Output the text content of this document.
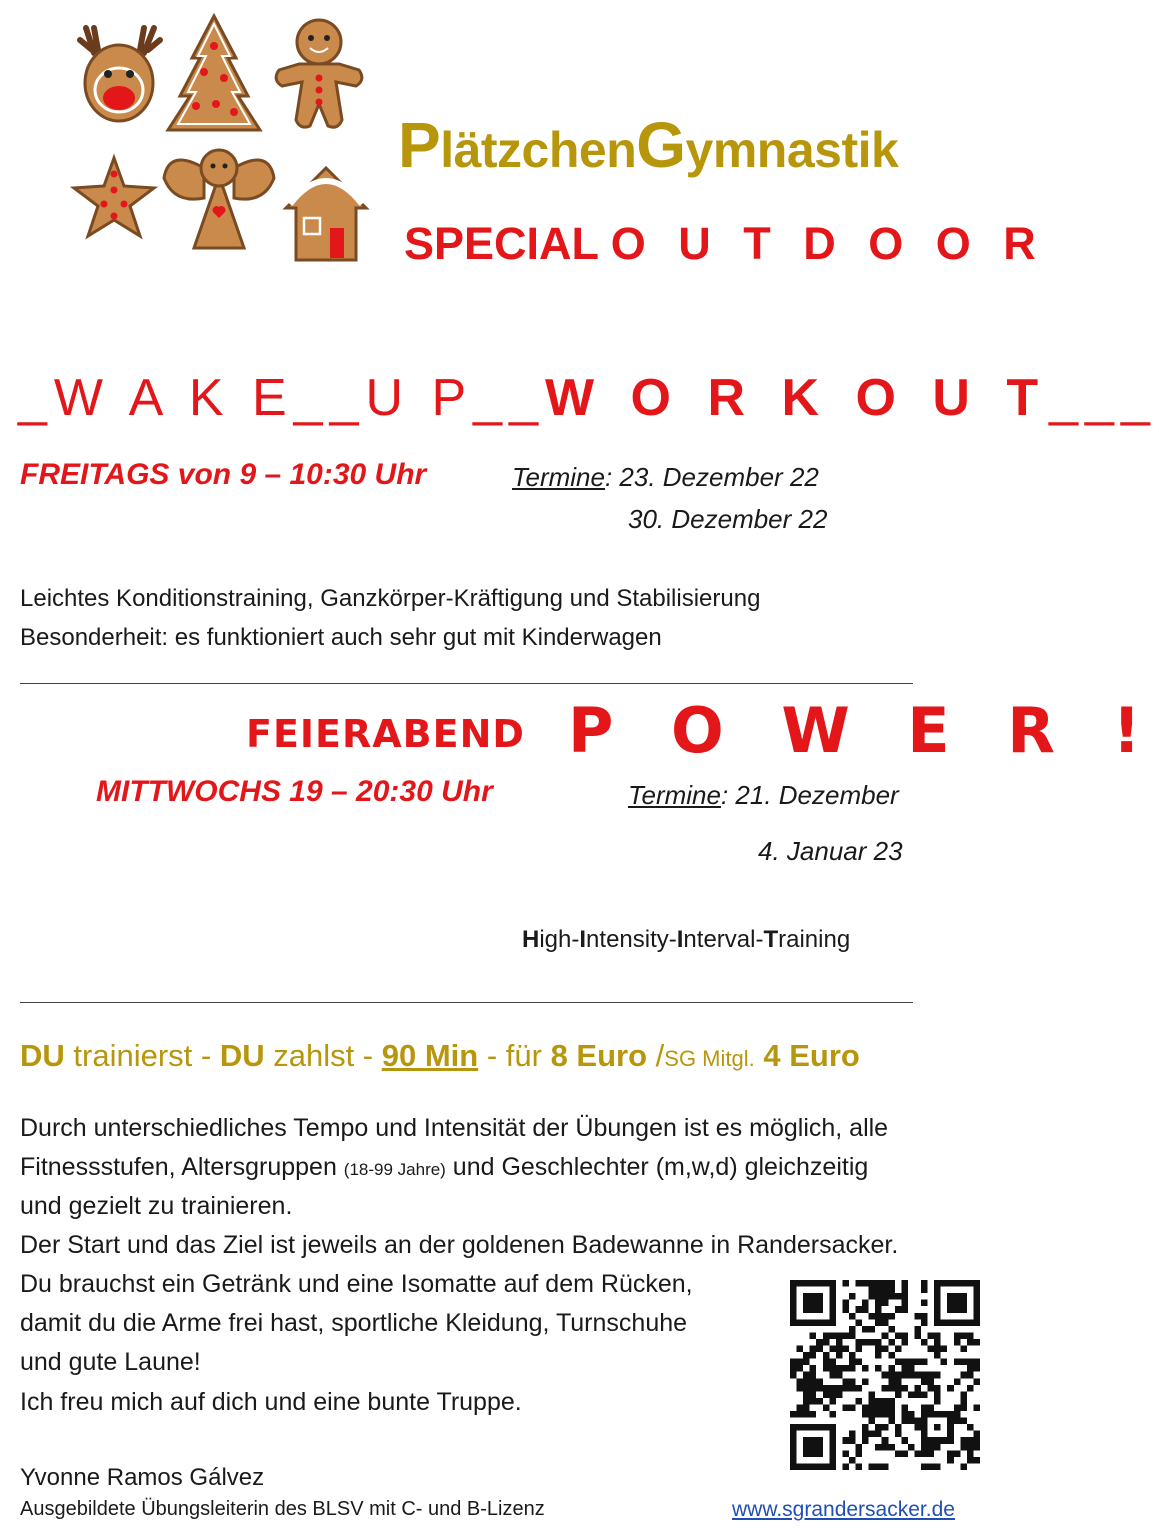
PlätzchenGymnastik
SPECIAL O U T D O O R
_W A K E__U P__W O R K O U T___
FREITAGS von 9 – 10:30 Uhr	Termine: 23. Dezember 22
30. Dezember 22
Leichtes Konditionstraining, Ganzkörper-Kräftigung und Stabilisierung
Besonderheit: es funktioniert auch sehr gut mit Kinderwagen
FEIERABEND P O W E R !
MITTWOCHS 19 – 20:30 Uhr	Termine: 21. Dezember
4. Januar 23
High-Intensity-Interval-Training
DU trainierst - DU zahlst - 90 Min - für 8 Euro /SG Mitgl. 4 Euro
Durch unterschiedliches Tempo und Intensität der Übungen ist es möglich, alle
Fitnessstufen, Altersgruppen (18-99 Jahre) und Geschlechter (m,w,d) gleichzeitig
und gezielt zu trainieren.
Der Start und das Ziel ist jeweils an der goldenen Badewanne in Randersacker.
Du brauchst ein Getränk und eine Isomatte auf dem Rücken,
damit du die Arme frei hast, sportliche Kleidung, Turnschuhe
und gute Laune!
Ich freu mich auf dich und eine bunte Truppe.
Yvonne Ramos Gálvez
Ausgebildete Übungsleiterin des BLSV mit C- und B-Lizenz	www.sgrandersacker.de
